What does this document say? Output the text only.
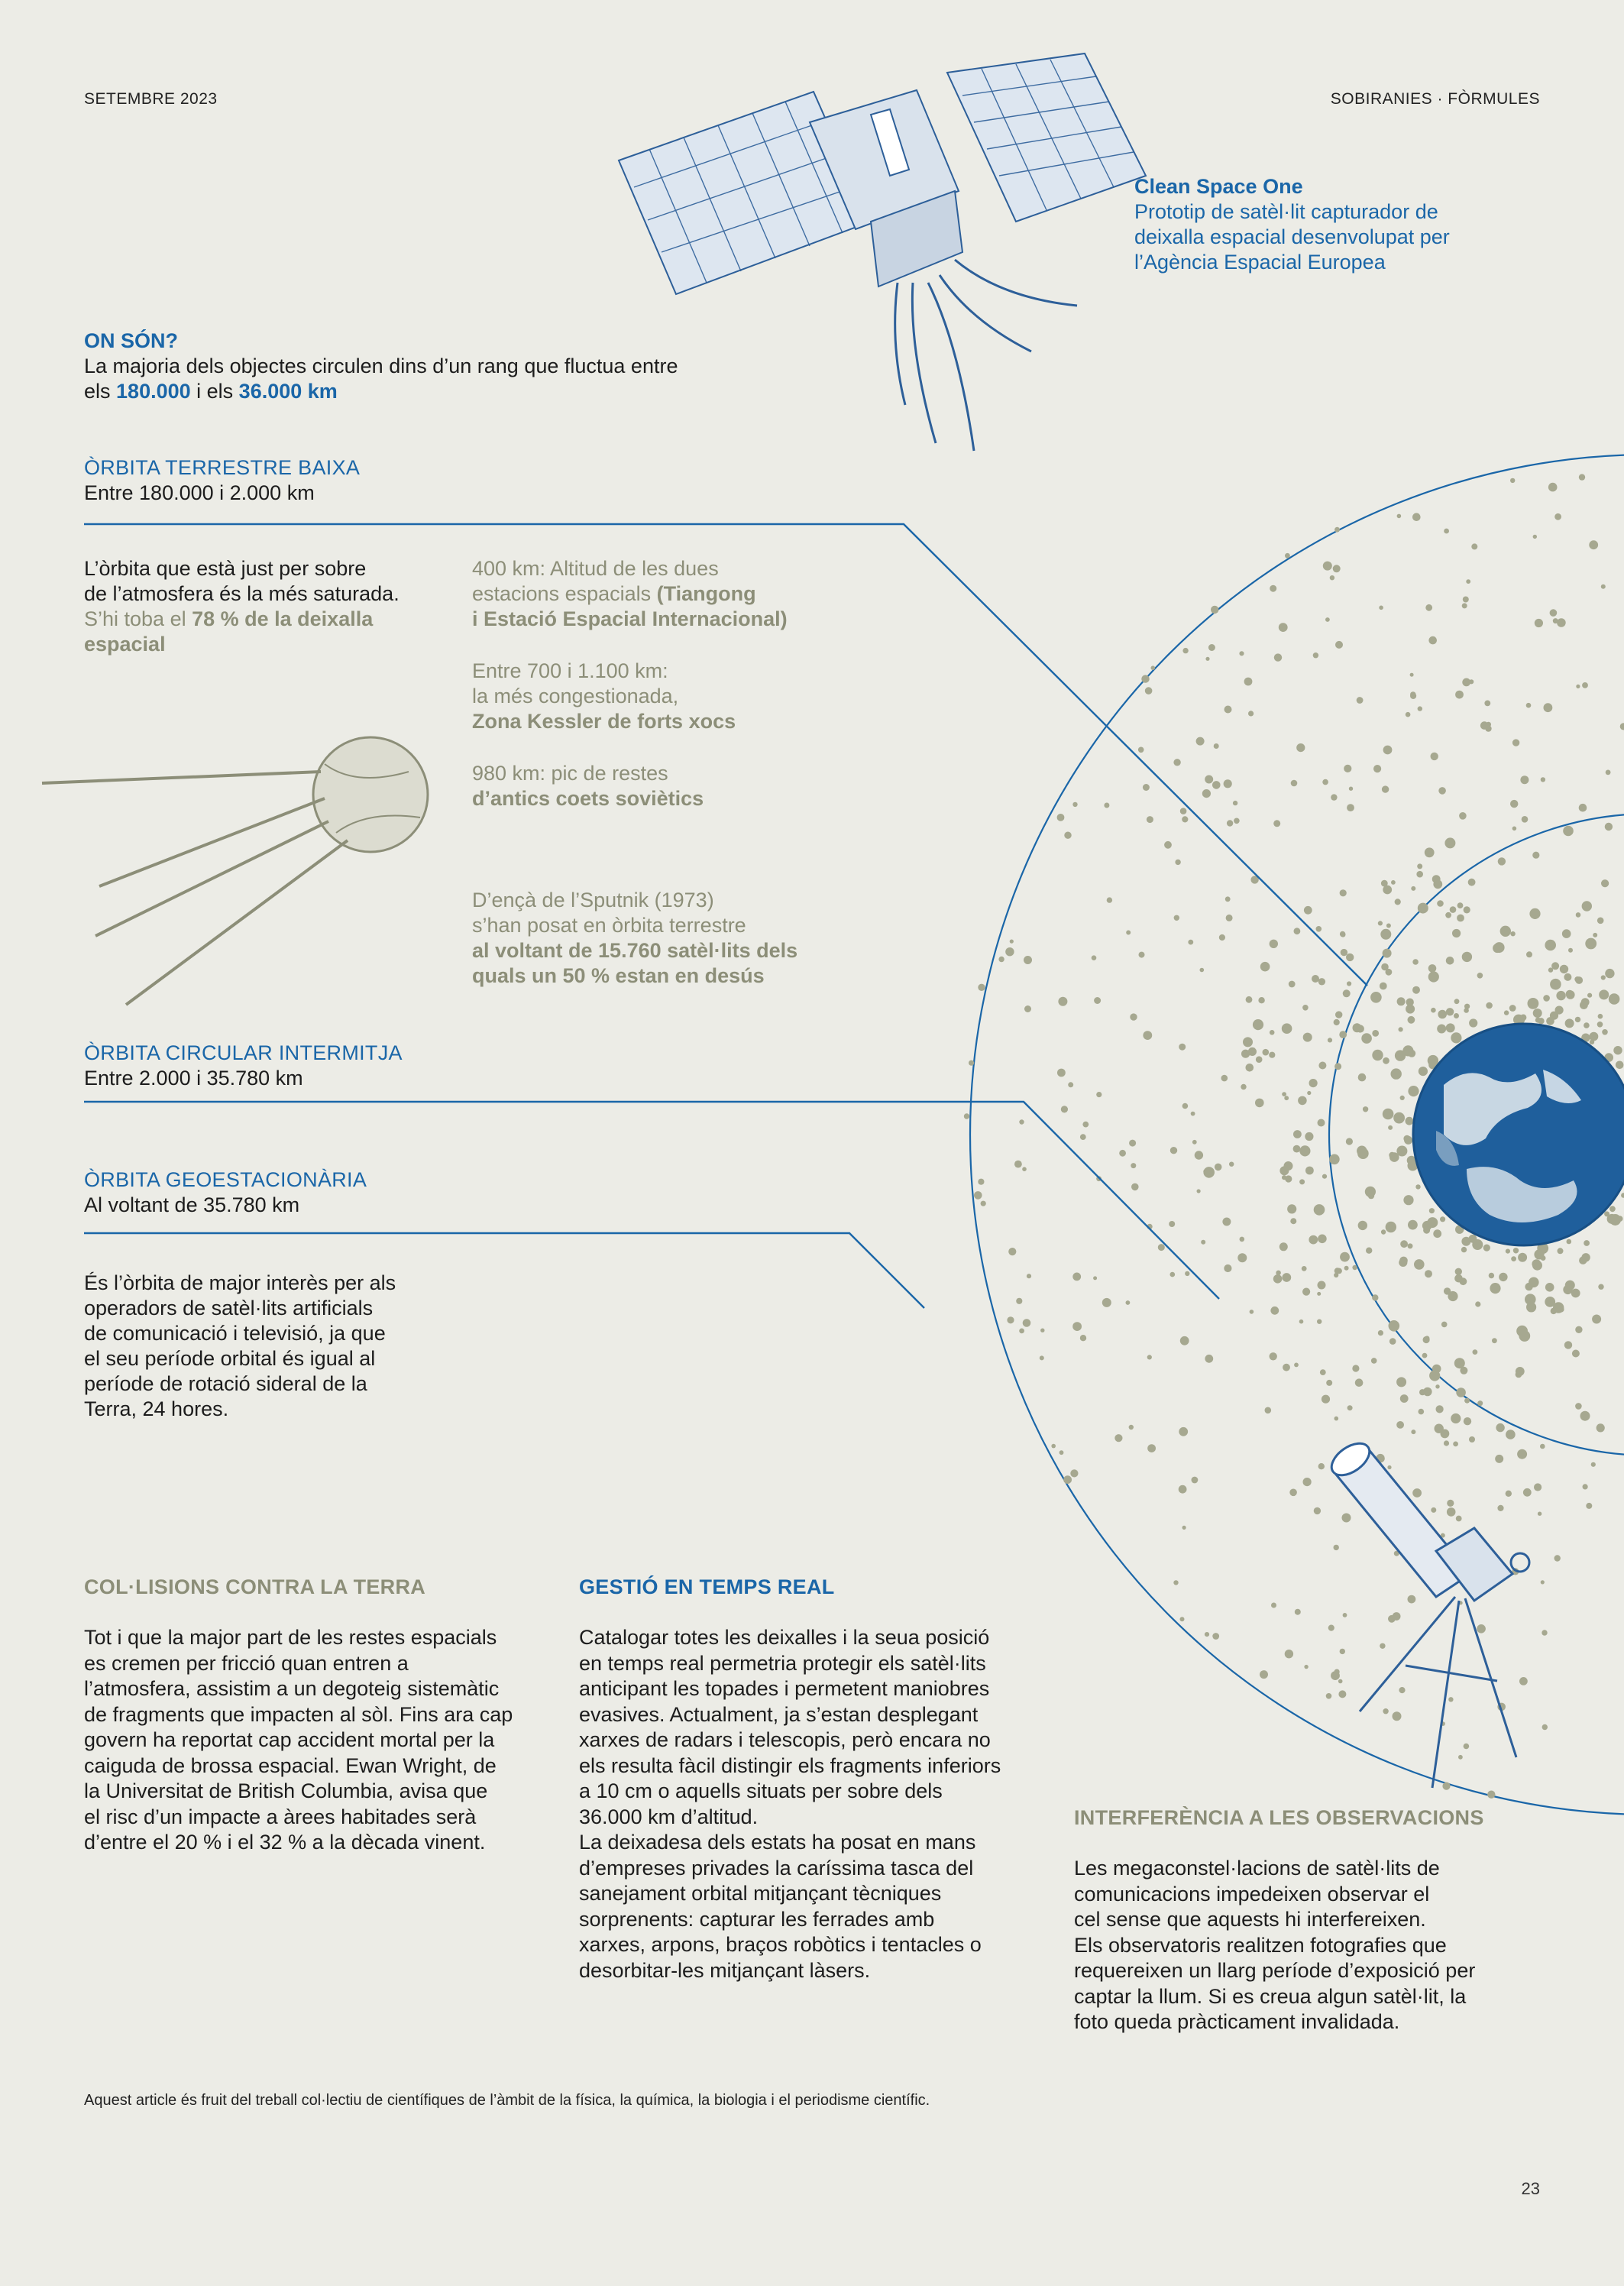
SETEMBRE 2023	SOBIRANIES · FÒRMULES
Clean Space One
Prototip de satèl·lit capturador de
deixalla espacial desenvolupat per
l’Agència Espacial Europea
ON SÓN?
La majoria dels objectes circulen dins d’un rang que fluctua entre
els 180.000 i els 36.000 km
ÒRBITA TERRESTRE BAIXA
Entre 180.000 i 2.000 km
L’òrbita que està just per sobre
de l’atmosfera és la més saturada.
S’hi toba el 78 % de la deixalla
espacial
400 km: Altitud de les dues
estacions espacials (Tiangong
i Estació Espacial Internacional)
Entre 700 i 1.100 km:
la més congestionada,
Zona Kessler de forts xocs
980 km: pic de restes
d’antics coets soviètics
D’ençà de l’Sputnik (1973)
s’han posat en òrbita terrestre
al voltant de 15.760 satèl·lits dels
quals un 50 % estan en desús
ÒRBITA CIRCULAR INTERMITJA
Entre 2.000 i 35.780 km
ÒRBITA GEOESTACIONÀRIA
Al voltant de 35.780 km
És l’òrbita de major interès per als
operadors de satèl·lits artificials
de comunicació i televisió, ja que
el seu període orbital és igual al
període de rotació sideral de la
Terra, 24 hores.
COL·LISIONS CONTRA LA TERRA
Tot i que la major part de les restes espacials
es cremen per fricció quan entren a
l’atmosfera, assistim a un degoteig sistemàtic
de fragments que impacten al sòl. Fins ara cap
govern ha reportat cap accident mortal per la
caiguda de brossa espacial. Ewan Wright, de
la Universitat de British Columbia, avisa que
el risc d’un impacte a àrees habitades serà
d’entre el 20 % i el 32 % a la dècada vinent.
GESTIÓ EN TEMPS REAL
Catalogar totes les deixalles i la seua posició
en temps real permetria protegir els satèl·lits
anticipant les topades i permetent maniobres
evasives. Actualment, ja s’estan desplegant
xarxes de radars i telescopis, però encara no
els resulta fàcil distingir els fragments inferiors
a 10 cm o aquells situats per sobre dels
36.000 km d’altitud.
La deixadesa dels estats ha posat en mans
d’empreses privades la caríssima tasca del
sanejament orbital mitjançant tècniques
sorprenents: capturar les ferrades amb
xarxes, arpons, braços robòtics i tentacles o
desorbitar-les mitjançant làsers.
INTERFERÈNCIA A LES OBSERVACIONS
Les megaconstel·lacions de satèl·lits de
comunicacions impedeixen observar el
cel sense que aquests hi interfereixen.
Els observatoris realitzen fotografies que
requereixen un llarg període d’exposició per
captar la llum. Si es creua algun satèl·lit, la
foto queda pràcticament invalidada.
Aquest article és fruit del treball col·lectiu de científiques de l’àmbit de la física, la química, la biologia i el periodisme científic.
23
